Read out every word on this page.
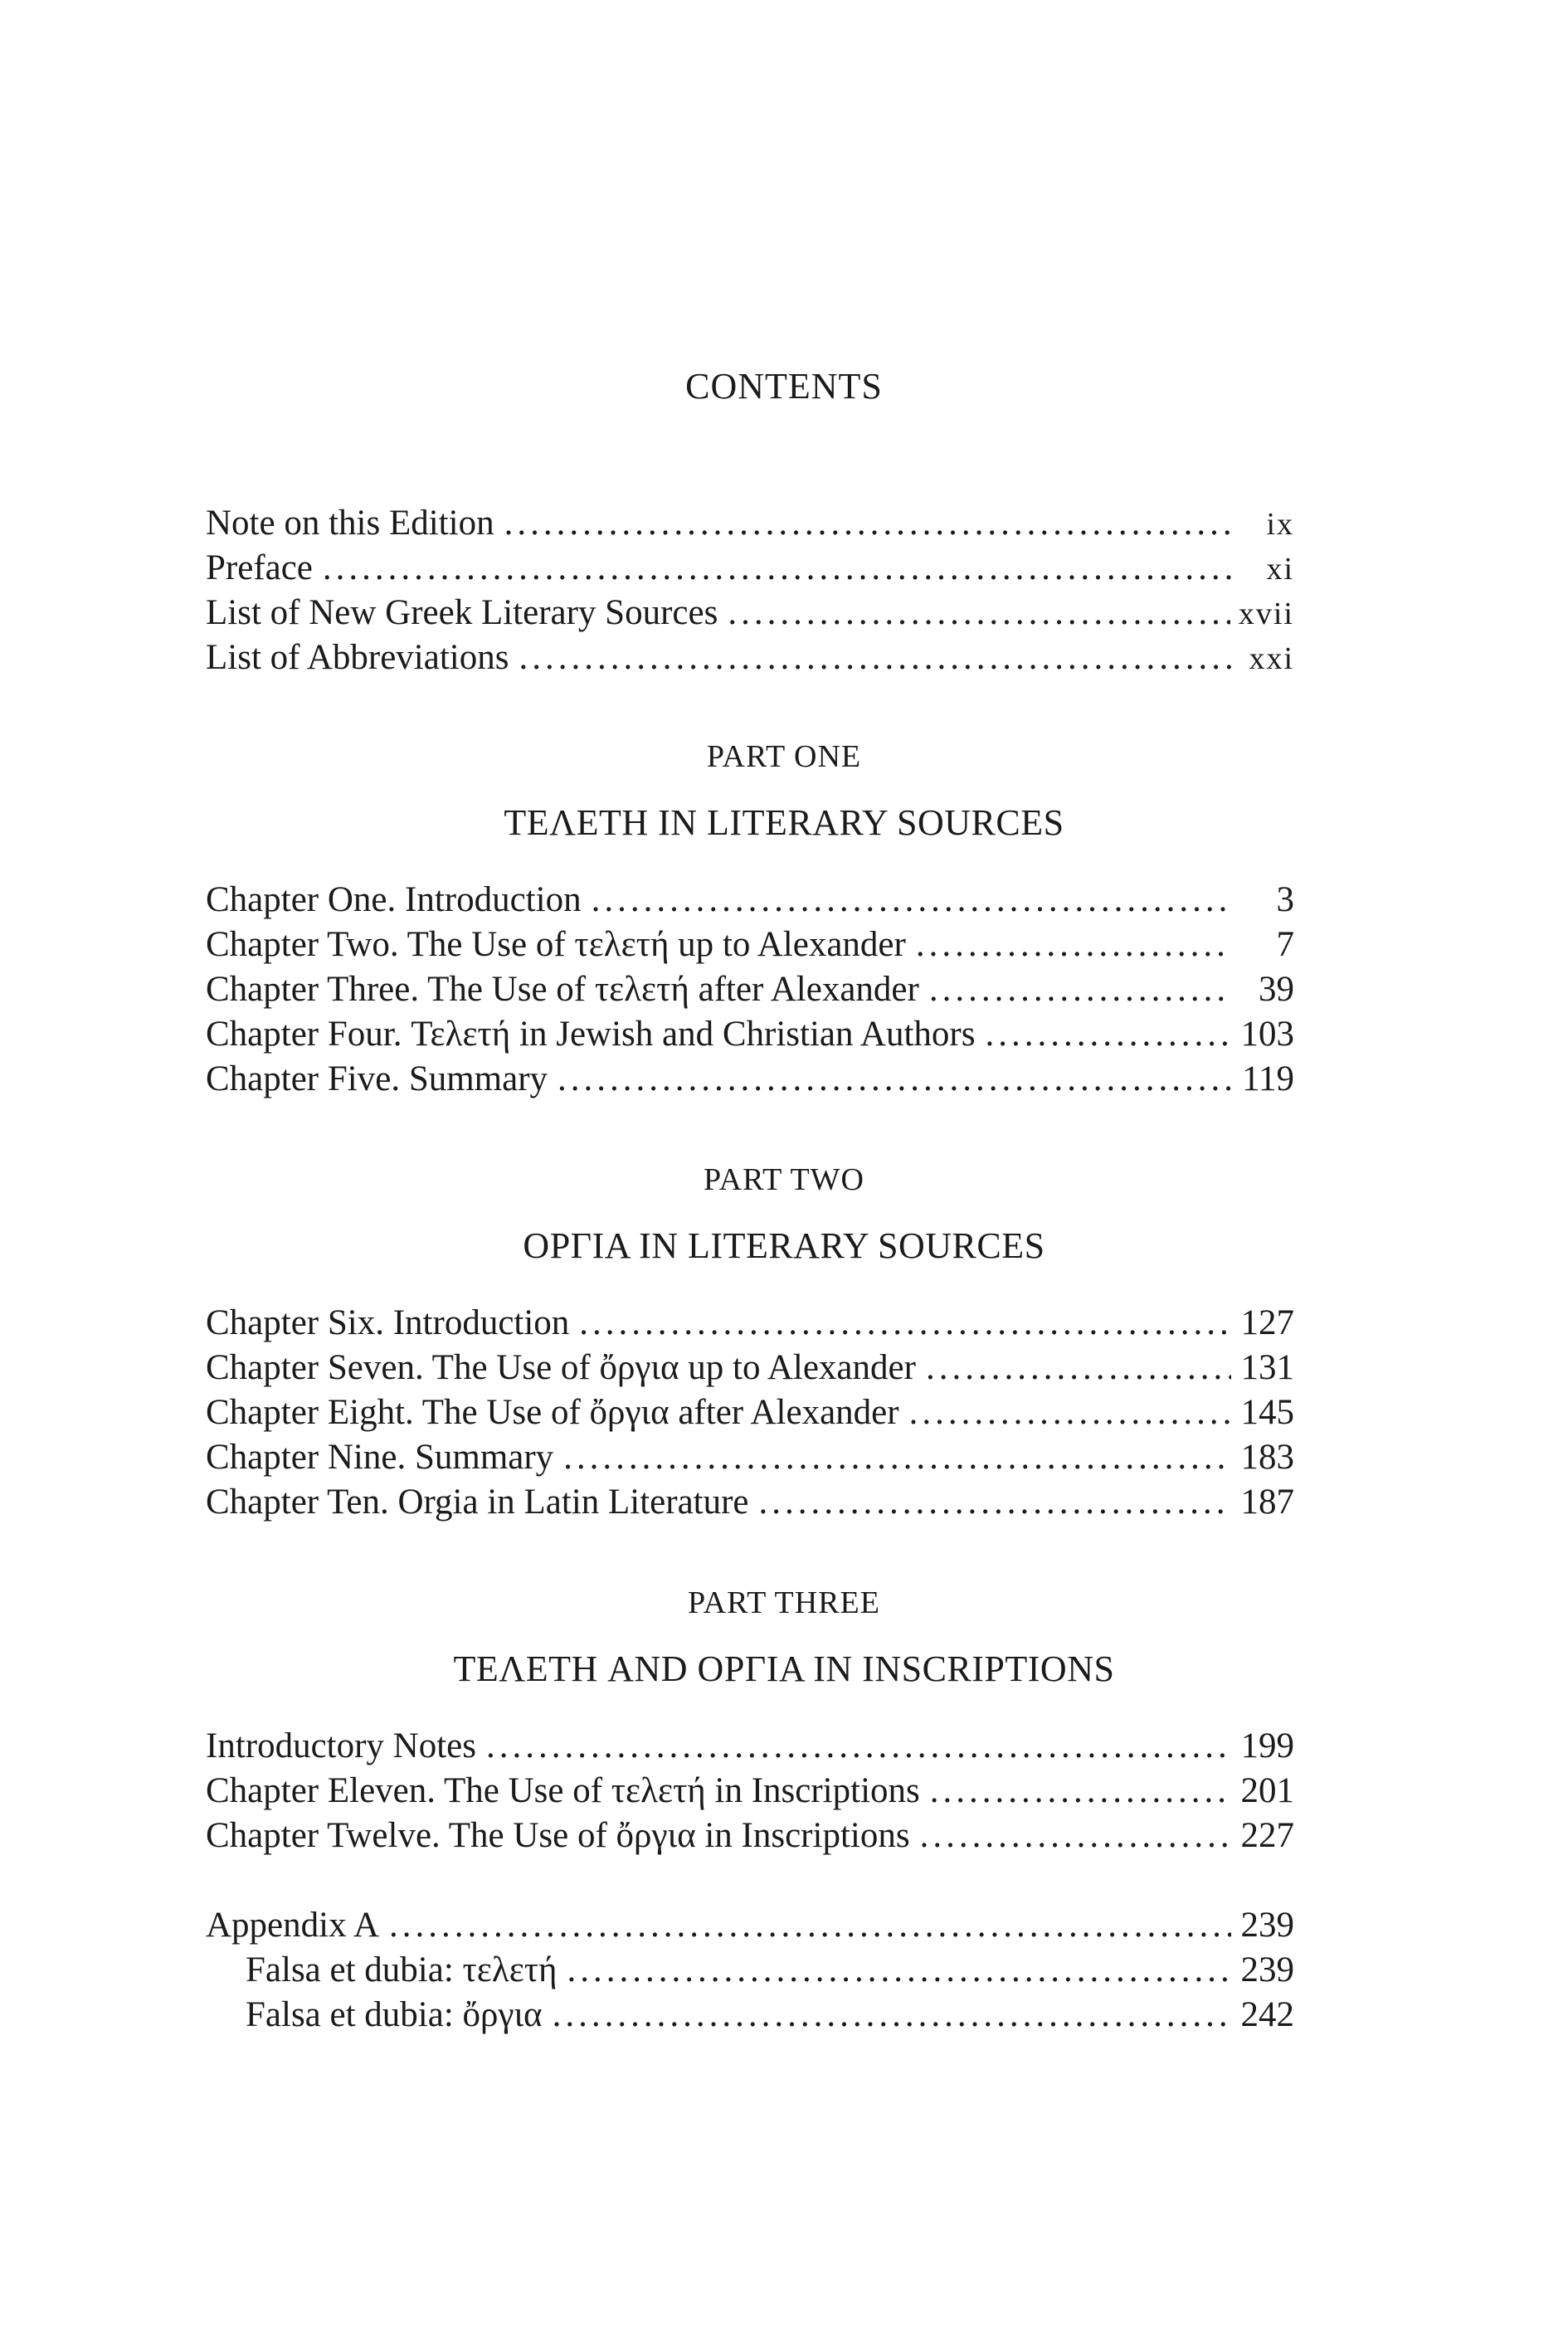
CONTENTS
Note on this Edition .....	ix
Preface .....	xi
List of New Greek Literary Sources .....	xvii
List of Abbreviations .....	xxi
PART ONE
ΤΕΛΕΤΗ IN LITERARY SOURCES
Chapter One. Introduction .....	3
Chapter Two. The Use of τελετή up to Alexander .....	7
Chapter Three. The Use of τελετή after Alexander .....	39
Chapter Four. Τελετή in Jewish and Christian Authors .....	103
Chapter Five. Summary .....	119
PART TWO
ΟΡΓΙΑ IN LITERARY SOURCES
Chapter Six. Introduction .....	127
Chapter Seven. The Use of ὄργια up to Alexander .....	131
Chapter Eight. The Use of ὄργια after Alexander .....	145
Chapter Nine. Summary .....	183
Chapter Ten. Orgia in Latin Literature .....	187
PART THREE
ΤΕΛΕΤΗ AND ΟΡΓΙΑ IN INSCRIPTIONS
Introductory Notes .....	199
Chapter Eleven. The Use of τελετή in Inscriptions .....	201
Chapter Twelve. The Use of ὄργια in Inscriptions .....	227
Appendix A .....	239
Falsa et dubia: τελετή .....	239
Falsa et dubia: ὄργια .....	242
